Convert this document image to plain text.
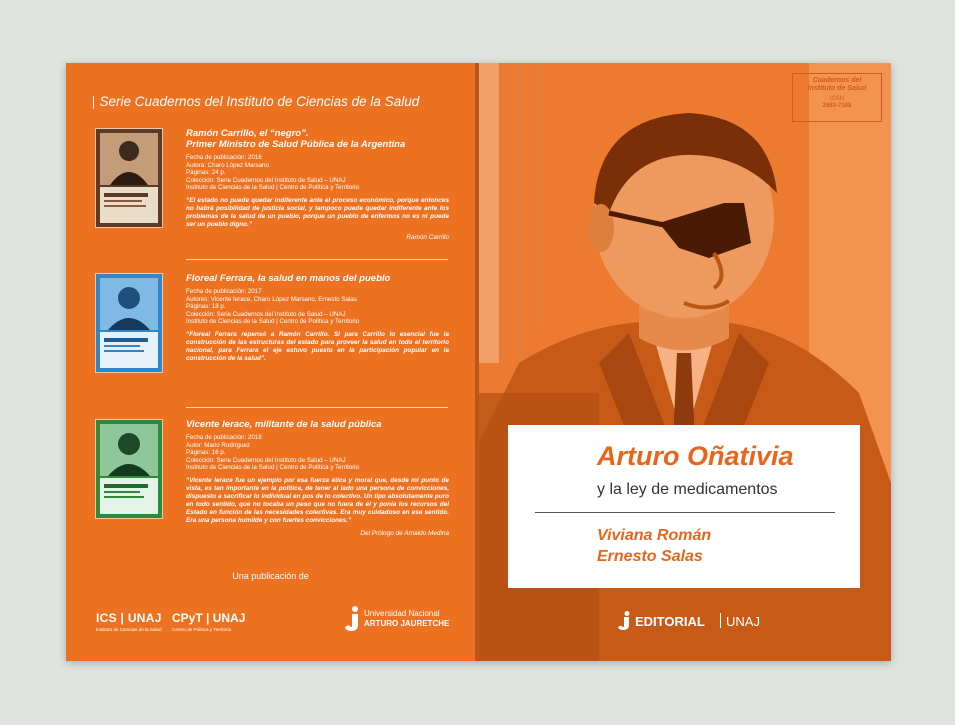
Serie Cuadernos del Instituto de Ciencias de la Salud
Ramón Carrillo, el “negro”.
Primer Ministro de Salud Pública de la Argentina
Fecha de publicación: 2016
Autora: Charo López Marsano
Páginas: 24 p.
Colección: Serie Cuadernos del Instituto de Salud – UNAJ
Instituto de Ciencias de la Salud | Centro de Política y Territorio
“El estado no puede quedar indiferente ante el proceso económico, porque entonces no habrá posibilidad de justicia social, y tampoco puede quedar indiferente ante los problemas de la salud de un pueblo, porque un pueblo de enfermos no es ni puede ser un pueblo digno.”
Ramón Carrillo
Floreal Ferrara, la salud en manos del pueblo
Fecha de publicación: 2017
Autores: Vicente Ierace, Charo López Marsano, Ernesto Salas
Páginas: 18 p.
Colección: Serie Cuadernos del Instituto de Salud – UNAJ
Instituto de Ciencias de la Salud | Centro de Política y Territorio
“Floreal Ferrara repensó a Ramón Carrillo. Si para Carrillo lo esencial fue la construcción de las estructuras del estado para proveer la salud en todo el territorio nacional, para Ferrara el eje estuvo puesto en la participación popular en la construcción de la salud”.
Vicente Ierace, militante de la salud pública
Fecha de publicación: 2018
Autor: Mario Rodríguez
Páginas: 16 p.
Colección: Serie Cuadernos del Instituto de Salud – UNAJ
Instituto de Ciencias de la Salud | Centro de Política y Territorio
“Vicente Ierace fue un ejemplo por esa fuerza ética y moral que, desde mi punto de vista, es tan importante en la política, de tener al lado una persona de convicciones, dispuesto a sacrificar lo individual en pos de lo colectivo. Un tipo absolutamente puro en todo sentido, que no tocaba un peso que no fuera de él y ponía los recursos del Estado en función de las necesidades colectivas. Era muy cuidadoso en ese sentido. Era una persona humilde y con fuertes convicciones.”
Del Prólogo de Arnaldo Medina
Una publicación de
ICS | UNAJ
Instituto de Ciencias de la Salud
CPyT | UNAJ
Centro de Política y Territorio
Universidad Nacional
ARTURO JAURETCHE
Cuadernos del
Instituto de Salud
ISSN
2683-7188
Arturo Oñativia
y la ley de medicamentos
Viviana Román
Ernesto Salas
EDITORIAL UNAJ
